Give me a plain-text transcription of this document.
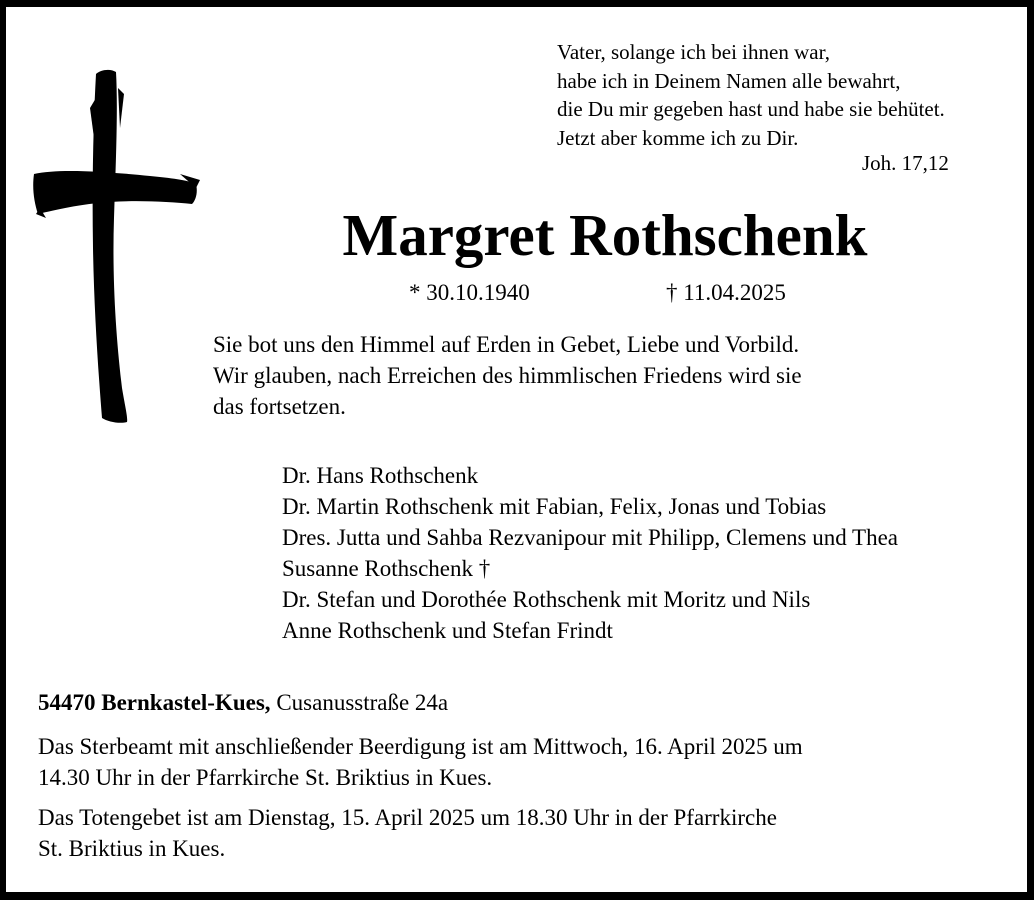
Vater, solange ich bei ihnen war,
habe ich in Deinem Namen alle bewahrt,
die Du mir gegeben hast und habe sie behütet.
Jetzt aber komme ich zu Dir.
Joh. 17,12
Margret Rothschenk
* 30.10.1940	† 11.04.2025
Sie bot uns den Himmel auf Erden in Gebet, Liebe und Vorbild.
Wir glauben, nach Erreichen des himmlischen Friedens wird sie
das fortsetzen.
Dr. Hans Rothschenk
Dr. Martin Rothschenk mit Fabian, Felix, Jonas und Tobias
Dres. Jutta und Sahba Rezvanipour mit Philipp, Clemens und Thea
Susanne Rothschenk †
Dr. Stefan und Dorothée Rothschenk mit Moritz und Nils
Anne Rothschenk und Stefan Frindt
54470 Bernkastel-Kues, Cusanusstraße 24a
Das Sterbeamt mit anschließender Beerdigung ist am Mittwoch, 16. April 2025 um
14.30 Uhr in der Pfarrkirche St. Briktius in Kues.
Das Totengebet ist am Dienstag, 15. April 2025 um 18.30 Uhr in der Pfarrkirche
St. Briktius in Kues.
